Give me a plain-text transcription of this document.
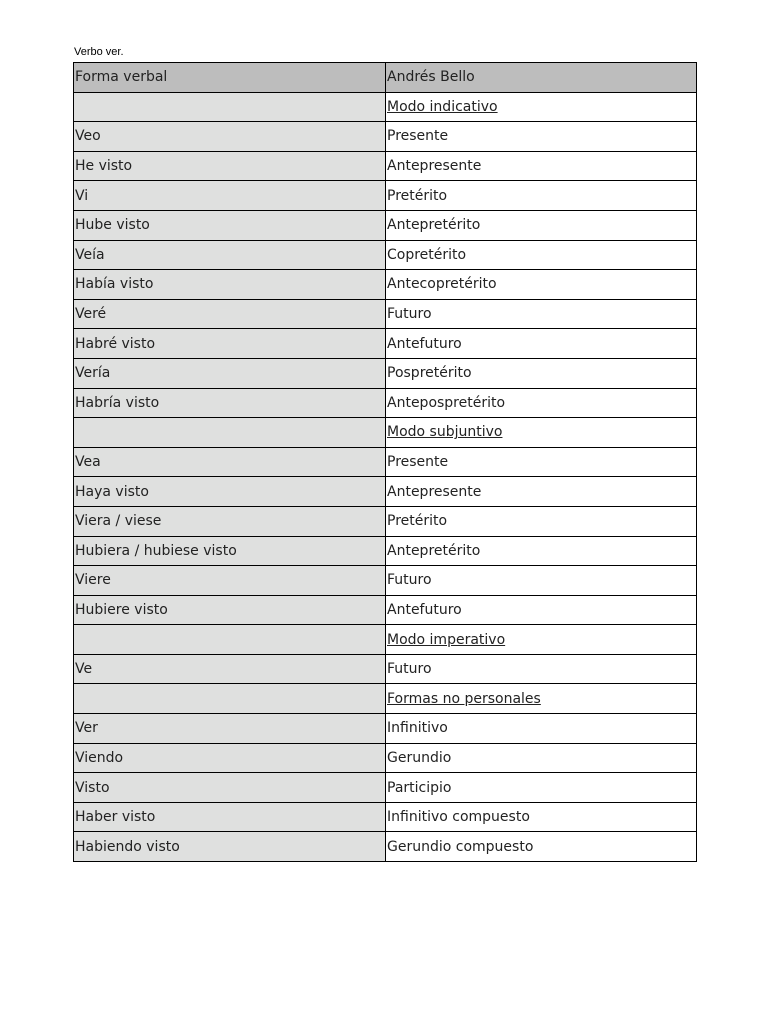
Verbo ver.
Forma verbal	Andrés Bello
	Modo indicativo
Veo	Presente
He visto	Antepresente
Vi	Pretérito
Hube visto	Antepretérito
Veía	Copretérito
Había visto	Antecopretérito
Veré	Futuro
Habré visto	Antefuturo
Vería	Pospretérito
Habría visto	Antepospretérito
	Modo subjuntivo
Vea	Presente
Haya visto	Antepresente
Viera / viese	Pretérito
Hubiera / hubiese visto	Antepretérito
Viere	Futuro
Hubiere visto	Antefuturo
	Modo imperativo
Ve	Futuro
	Formas no personales
Ver	Infinitivo
Viendo	Gerundio
Visto	Participio
Haber visto	Infinitivo compuesto
Habiendo visto	Gerundio compuesto
